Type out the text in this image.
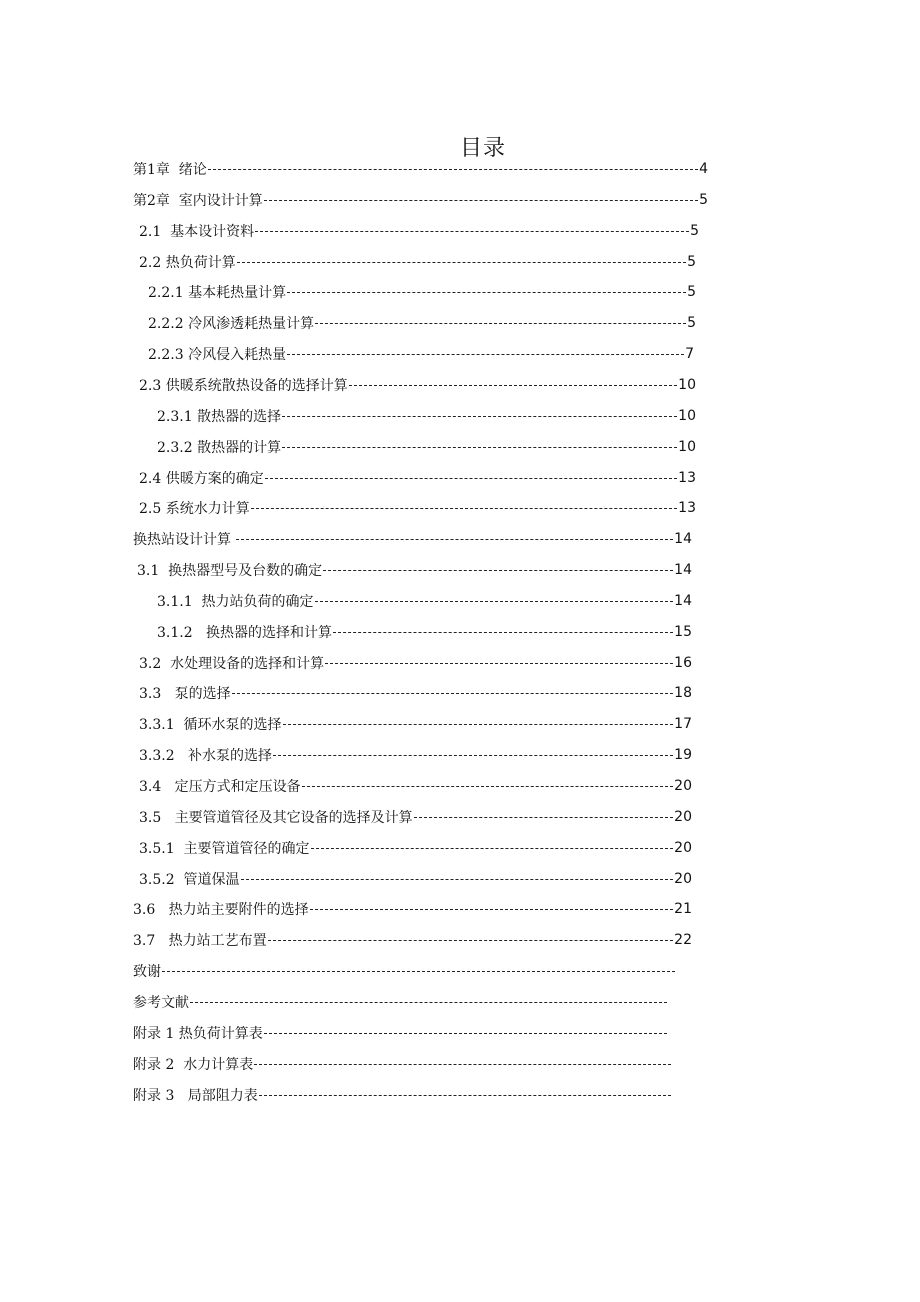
目录
第1章  绪论	4
第2章  室内设计计算	5
2.1  基本设计资料	5
2.2 热负荷计算	5
2.2.1 基本耗热量计算	5
2.2.2 冷风渗透耗热量计算	5
2.2.3 冷风侵入耗热量	7
2.3 供暖系统散热设备的选择计算	10
2.3.1 散热器的选择	10
2.3.2 散热器的计算	10
2.4 供暖方案的确定	13
2.5 系统水力计算	13
换热站设计计算	14
3.1  换热器型号及台数的确定	14
3.1.1  热力站负荷的确定	14
3.1.2   换热器的选择和计算	15
3.2  水处理设备的选择和计算	16
3.3   泵的选择	18
3.3.1  循环水泵的选择	17
3.3.2   补水泵的选择	19
3.4   定压方式和定压设备	20
3.5   主要管道管径及其它设备的选择及计算	20
3.5.1  主要管道管径的确定	20
3.5.2  管道保温	20
3.6   热力站主要附件的选择	21
3.7   热力站工艺布置	22
致谢
参考文献
附录 1 热负荷计算表
附录 2  水力计算表
附录 3   局部阻力表
